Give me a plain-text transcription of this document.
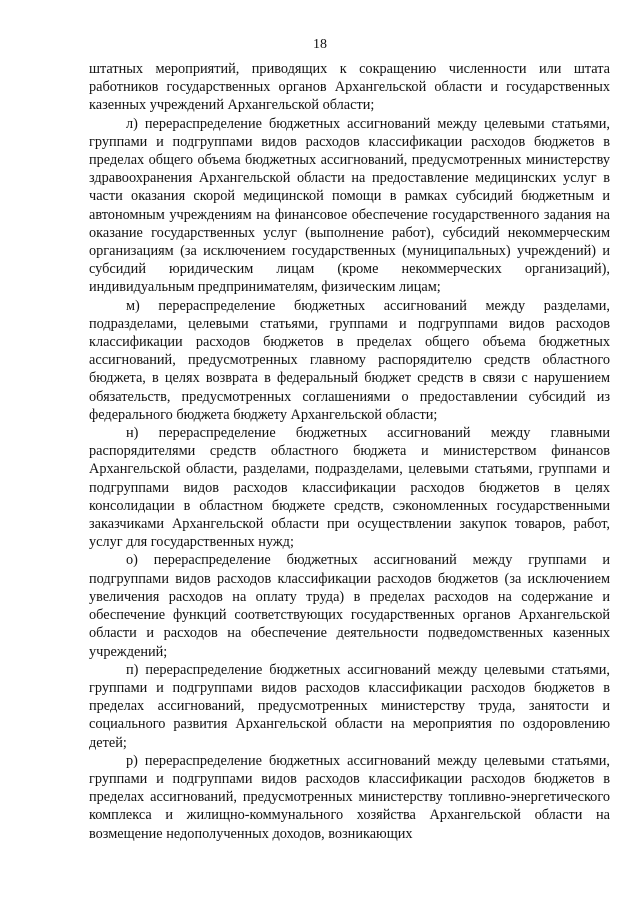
18

штатных мероприятий, приводящих к сокращению численности или штата работников государственных органов Архангельской области и государственных казенных учреждений Архангельской области;

л) перераспределение бюджетных ассигнований между целевыми статьями, группами и подгруппами видов расходов классификации расходов бюджетов в пределах общего объема бюджетных ассигнований, предусмотренных министерству здравоохранения Архангельской области на предоставление медицинских услуг в части оказания скорой медицинской помощи в рамках субсидий бюджетным и автономным учреждениям на финансовое обеспечение государственного задания на оказание государственных услуг (выполнение работ), субсидий некоммерческим организациям (за исключением государственных (муниципальных) учреждений) и субсидий юридическим лицам (кроме некоммерческих организаций), индивидуальным предпринимателям, физическим лицам;

м) перераспределение бюджетных ассигнований между разделами, подразделами, целевыми статьями, группами и подгруппами видов расходов классификации расходов бюджетов в пределах общего объема бюджетных ассигнований, предусмотренных главному распорядителю средств областного бюджета, в целях возврата в федеральный бюджет средств в связи с нарушением обязательств, предусмотренных соглашениями о предоставлении субсидий из федерального бюджета бюджету Архангельской области;

н) перераспределение бюджетных ассигнований между главными распорядителями средств областного бюджета и министерством финансов Архангельской области, разделами, подразделами, целевыми статьями, группами и подгруппами видов расходов классификации расходов бюджетов в целях консолидации в областном бюджете средств, сэкономленных государственными заказчиками Архангельской области при осуществлении закупок товаров, работ, услуг для государственных нужд;

о) перераспределение бюджетных ассигнований между группами и подгруппами видов расходов классификации расходов бюджетов (за исключением увеличения расходов на оплату труда) в пределах расходов на содержание и обеспечение функций соответствующих государственных органов Архангельской области и расходов на обеспечение деятельности подведомственных казенных учреждений;

п) перераспределение бюджетных ассигнований между целевыми статьями, группами и подгруппами видов расходов классификации расходов бюджетов в пределах ассигнований, предусмотренных министерству труда, занятости и социального развития Архангельской области на мероприятия по оздоровлению детей;

р) перераспределение бюджетных ассигнований между целевыми статьями, группами и подгруппами видов расходов классификации расходов бюджетов в пределах ассигнований, предусмотренных министерству топливно-энергетического комплекса и жилищно-коммунального хозяйства Архангельской области на возмещение недополученных доходов, возникающих
